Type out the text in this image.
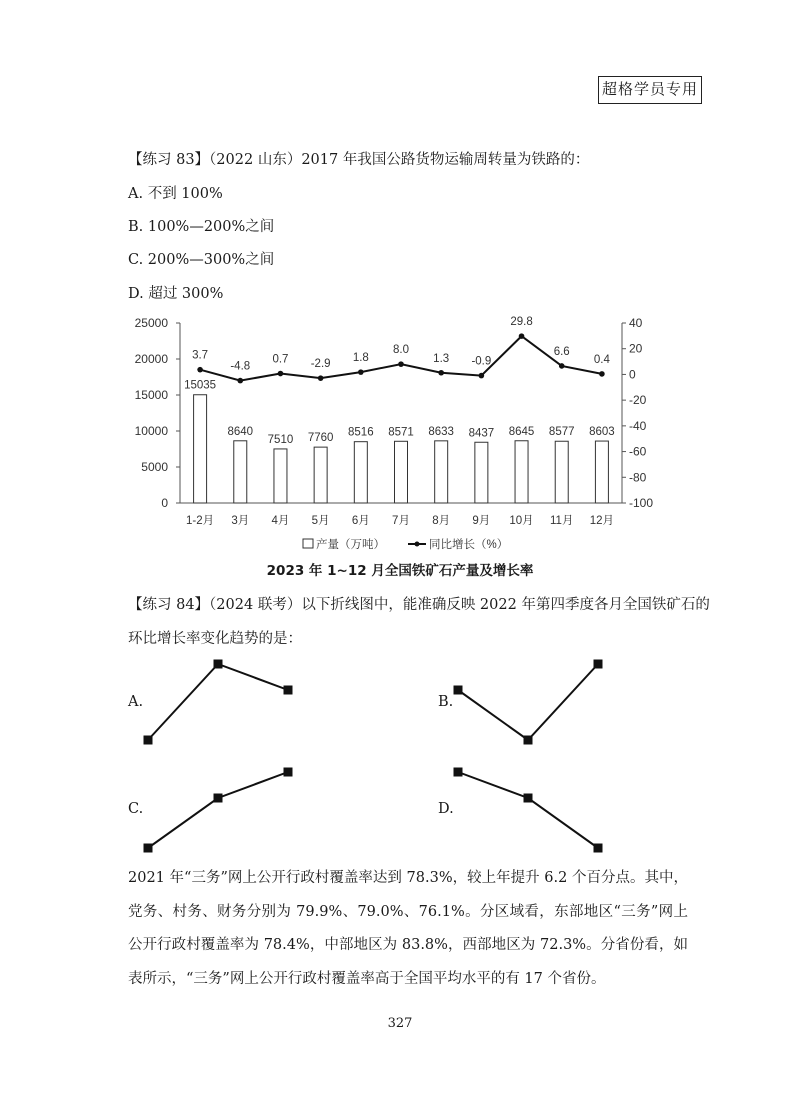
超格学员专用
【练习 83】（2022 山东）2017 年我国公路货物运输周转量为铁路的：
A. 不到 100%
B. 100%—200%之间
C. 200%—300%之间
D. 超过 300%
0
5000
10000
15000
20000
25000
-100
-80
-60
-40
-20
0
20
40
15035
8640
7510 7760 8516 8571 8633 8437 8645 8577 8603
3.7
-4.8
0.7 -2.9
1.8
8.0
1.3 -0.9
29.8
6.6
0.4
1-2月 3月 4月 5月 6月 7月 8月 9月 10月 11月 12月
产量（万吨）	同比增长（%）
2023 年 1~12 月全国铁矿石产量及增长率
【练习 84】（2024 联考）以下折线图中，能准确反映 2022 年第四季度各月全国铁矿石的
环比增长率变化趋势的是：
A.	B.
C.	D.
2021 年“三务”网上公开行政村覆盖率达到 78.3%，较上年提升 6.2 个百分点。其中，党务、村务、财务分别为 79.9%、79.0%、76.1%。分区域看，东部地区“三务”网上公开行政村覆盖率为 78.4%，中部地区为 83.8%，西部地区为 72.3%。分省份看，如表所示，“三务”网上公开行政村覆盖率高于全国平均水平的有 17 个省份。
327
